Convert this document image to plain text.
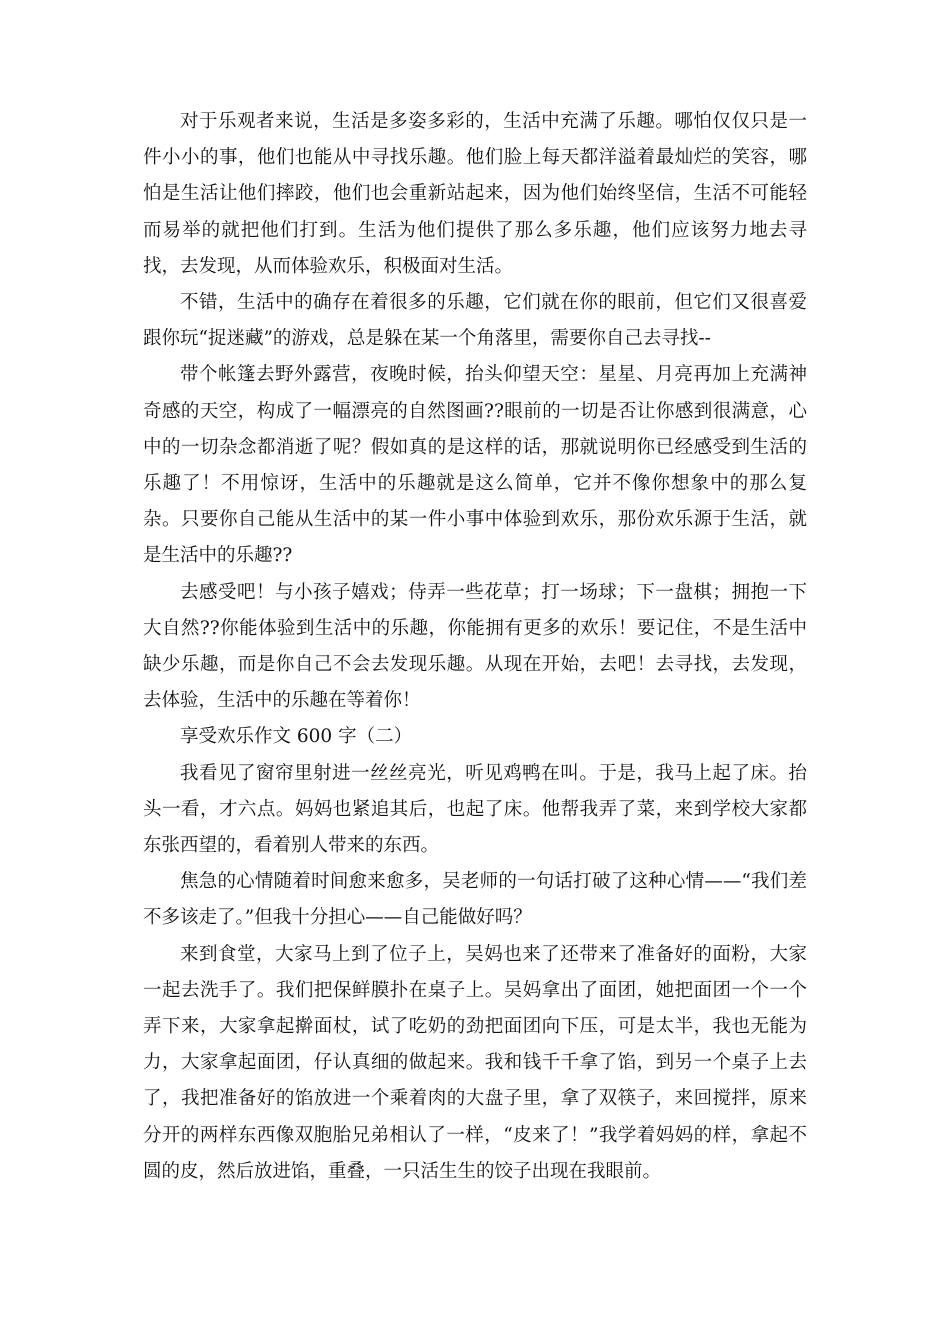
对于乐观者来说，生活是多姿多彩的，生活中充满了乐趣。哪怕仅仅只是一件小小的事，他们也能从中寻找乐趣。他们脸上每天都洋溢着最灿烂的笑容，哪怕是生活让他们摔跤，他们也会重新站起来，因为他们始终坚信，生活不可能轻而易举的就把他们打到。生活为他们提供了那么多乐趣，他们应该努力地去寻找，去发现，从而体验欢乐，积极面对生活。

不错，生活中的确存在着很多的乐趣，它们就在你的眼前，但它们又很喜爱跟你玩“捉迷藏”的游戏，总是躲在某一个角落里，需要你自己去寻找--

带个帐篷去野外露营，夜晚时候，抬头仰望天空：星星、月亮再加上充满神奇感的天空，构成了一幅漂亮的自然图画??眼前的一切是否让你感到很满意，心中的一切杂念都消逝了呢？假如真的是这样的话，那就说明你已经感受到生活的乐趣了！不用惊讶，生活中的乐趣就是这么简单，它并不像你想象中的那么复杂。只要你自己能从生活中的某一件小事中体验到欢乐，那份欢乐源于生活，就是生活中的乐趣??

去感受吧！与小孩子嬉戏；侍弄一些花草；打一场球；下一盘棋；拥抱一下大自然??你能体验到生活中的乐趣，你能拥有更多的欢乐！要记住，不是生活中缺少乐趣，而是你自己不会去发现乐趣。从现在开始，去吧！去寻找，去发现，去体验，生活中的乐趣在等着你！

享受欢乐作文 600 字（二）

我看见了窗帘里射进一丝丝亮光，听见鸡鸭在叫。于是，我马上起了床。抬头一看，才六点。妈妈也紧追其后，也起了床。他帮我弄了菜，来到学校大家都东张西望的，看着别人带来的东西。

焦急的心情随着时间愈来愈多，吴老师的一句话打破了这种心情——“我们差不多该走了。”但我十分担心——自己能做好吗？

来到食堂，大家马上到了位子上，吴妈也来了还带来了准备好的面粉，大家一起去洗手了。我们把保鲜膜扑在桌子上。吴妈拿出了面团，她把面团一个一个弄下来，大家拿起擀面杖，试了吃奶的劲把面团向下压，可是太半，我也无能为力，大家拿起面团，仔认真细的做起来。我和钱千千拿了馅，到另一个桌子上去了，我把准备好的馅放进一个乘着肉的大盘子里，拿了双筷子，来回搅拌，原来分开的两样东西像双胞胎兄弟相认了一样，“皮来了！”我学着妈妈的样，拿起不圆的皮，然后放进馅，重叠，一只活生生的饺子出现在我眼前。
